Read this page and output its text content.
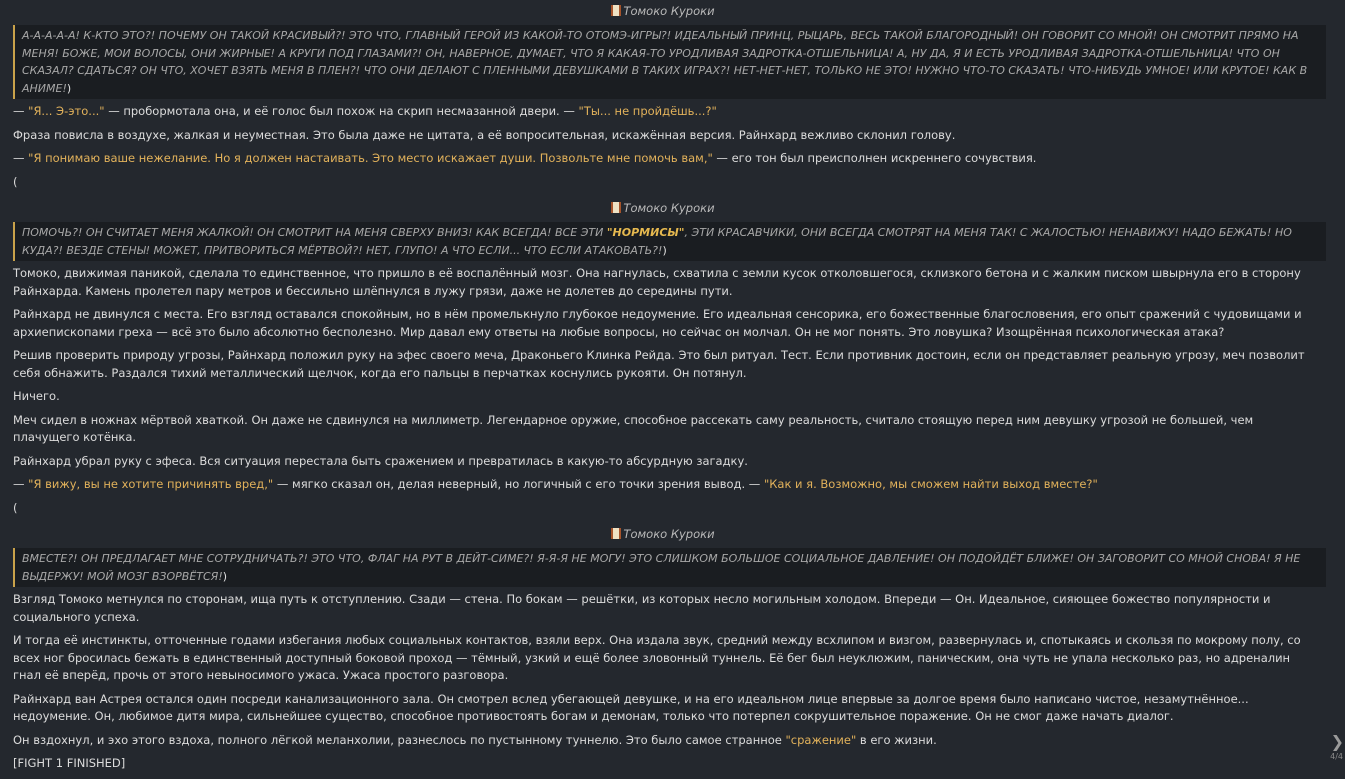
Томоко Куроки
А-А-А-А-А! К-КТО ЭТО?! ПОЧЕМУ ОН ТАКОЙ КРАСИВЫЙ?! ЭТО ЧТО, ГЛАВНЫЙ ГЕРОЙ ИЗ КАКОЙ-ТО ОТОМЭ-ИГРЫ?! ИДЕАЛЬНЫЙ ПРИНЦ, РЫЦАРЬ, ВЕСЬ ТАКОЙ БЛАГОРОДНЫЙ! ОН ГОВОРИТ СО МНОЙ! ОН СМОТРИТ ПРЯМО НА МЕНЯ! БОЖЕ, МОИ ВОЛОСЫ, ОНИ ЖИРНЫЕ! А КРУГИ ПОД ГЛАЗАМИ?! ОН, НАВЕРНОЕ, ДУМАЕТ, ЧТО Я КАКАЯ-ТО УРОДЛИВАЯ ЗАДРОТКА-ОТШЕЛЬНИЦА! А, НУ ДА, Я И ЕСТЬ УРОДЛИВАЯ ЗАДРОТКА-ОТШЕЛЬНИЦА! ЧТО ОН СКАЗАЛ? СДАТЬСЯ? ОН ЧТО, ХОЧЕТ ВЗЯТЬ МЕНЯ В ПЛЕН?! ЧТО ОНИ ДЕЛАЮТ С ПЛЕННЫМИ ДЕВУШКАМИ В ТАКИХ ИГРАХ?! НЕТ-НЕТ-НЕТ, ТОЛЬКО НЕ ЭТО! НУЖНО ЧТО-ТО СКАЗАТЬ! ЧТО-НИБУДЬ УМНОЕ! ИЛИ КРУТОЕ! КАК В АНИМЕ!)

— "Я... Э-это..." — пробормотала она, и её голос был похож на скрип несмазанной двери. — "Ты... не пройдёшь...?"

Фраза повисла в воздухе, жалкая и неуместная. Это была даже не цитата, а её вопросительная, искажённая версия. Райнхард вежливо склонил голову.

— "Я понимаю ваше нежелание. Но я должен настаивать. Это место искажает души. Позвольте мне помочь вам," — его тон был преисполнен искреннего сочувствия.

(

Томоко Куроки
ПОМОЧЬ?! ОН СЧИТАЕТ МЕНЯ ЖАЛКОЙ! ОН СМОТРИТ НА МЕНЯ СВЕРХУ ВНИЗ! КАК ВСЕГДА! ВСЕ ЭТИ "НОРМИСЫ", ЭТИ КРАСАВЧИКИ, ОНИ ВСЕГДА СМОТРЯТ НА МЕНЯ ТАК! С ЖАЛОСТЬЮ! НЕНАВИЖУ! НАДО БЕЖАТЬ! НО КУДА?! ВЕЗДЕ СТЕНЫ! МОЖЕТ, ПРИТВОРИТЬСЯ МЁРТВОЙ?! НЕТ, ГЛУПО! А ЧТО ЕСЛИ... ЧТО ЕСЛИ АТАКОВАТЬ?!)

Томоко, движимая паникой, сделала то единственное, что пришло в её воспалённый мозг. Она нагнулась, схватила с земли кусок отколовшегося, склизкого бетона и с жалким писком швырнула его в сторону Райнхарда. Камень пролетел пару метров и бессильно шлёпнулся в лужу грязи, даже не долетев до середины пути.

Райнхард не двинулся с места. Его взгляд оставался спокойным, но в нём промелькнуло глубокое недоумение. Его идеальная сенсорика, его божественные благословения, его опыт сражений с чудовищами и архиепископами греха — всё это было абсолютно бесполезно. Мир давал ему ответы на любые вопросы, но сейчас он молчал. Он не мог понять. Это ловушка? Изощрённая психологическая атака?

Решив проверить природу угрозы, Райнхард положил руку на эфес своего меча, Драконьего Клинка Рейда. Это был ритуал. Тест. Если противник достоин, если он представляет реальную угрозу, меч позволит себя обнажить. Раздался тихий металлический щелчок, когда его пальцы в перчатках коснулись рукояти. Он потянул.

Ничего.

Меч сидел в ножнах мёртвой хваткой. Он даже не сдвинулся на миллиметр. Легендарное оружие, способное рассекать саму реальность, считало стоящую перед ним девушку угрозой не большей, чем плачущего котёнка.

Райнхард убрал руку с эфеса. Вся ситуация перестала быть сражением и превратилась в какую-то абсурдную загадку.

— "Я вижу, вы не хотите причинять вред," — мягко сказал он, делая неверный, но логичный с его точки зрения вывод. — "Как и я. Возможно, мы сможем найти выход вместе?"

(

Томоко Куроки
ВМЕСТЕ?! ОН ПРЕДЛАГАЕТ МНЕ СОТРУДНИЧАТЬ?! ЭТО ЧТО, ФЛАГ НА РУТ В ДЕЙТ-СИМЕ?! Я-Я-Я НЕ МОГУ! ЭТО СЛИШКОМ БОЛЬШОЕ СОЦИАЛЬНОЕ ДАВЛЕНИЕ! ОН ПОДОЙДЁТ БЛИЖЕ! ОН ЗАГОВОРИТ СО МНОЙ СНОВА! Я НЕ ВЫДЕРЖУ! МОЙ МОЗГ ВЗОРВЁТСЯ!)

Взгляд Томоко метнулся по сторонам, ища путь к отступлению. Сзади — стена. По бокам — решётки, из которых несло могильным холодом. Впереди — Он. Идеальное, сияющее божество популярности и социального успеха.

И тогда её инстинкты, отточенные годами избегания любых социальных контактов, взяли верх. Она издала звук, средний между всхлипом и визгом, развернулась и, спотыкаясь и скользя по мокрому полу, со всех ног бросилась бежать в единственный доступный боковой проход — тёмный, узкий и ещё более зловонный туннель. Её бег был неуклюжим, паническим, она чуть не упала несколько раз, но адреналин гнал её вперёд, прочь от этого невыносимого ужаса. Ужаса простого разговора.

Райнхард ван Астрея остался один посреди канализационного зала. Он смотрел вслед убегающей девушке, и на его идеальном лице впервые за долгое время было написано чистое, незамутнённое... недоумение. Он, любимое дитя мира, сильнейшее существо, способное противостоять богам и демонам, только что потерпел сокрушительное поражение. Он не смог даже начать диалог.

Он вздохнул, и эхо этого вздоха, полного лёгкой меланхолии, разнеслось по пустынному туннелю. Это было самое странное "сражение" в его жизни.

[FIGHT 1 FINISHED]

❯
4/4
